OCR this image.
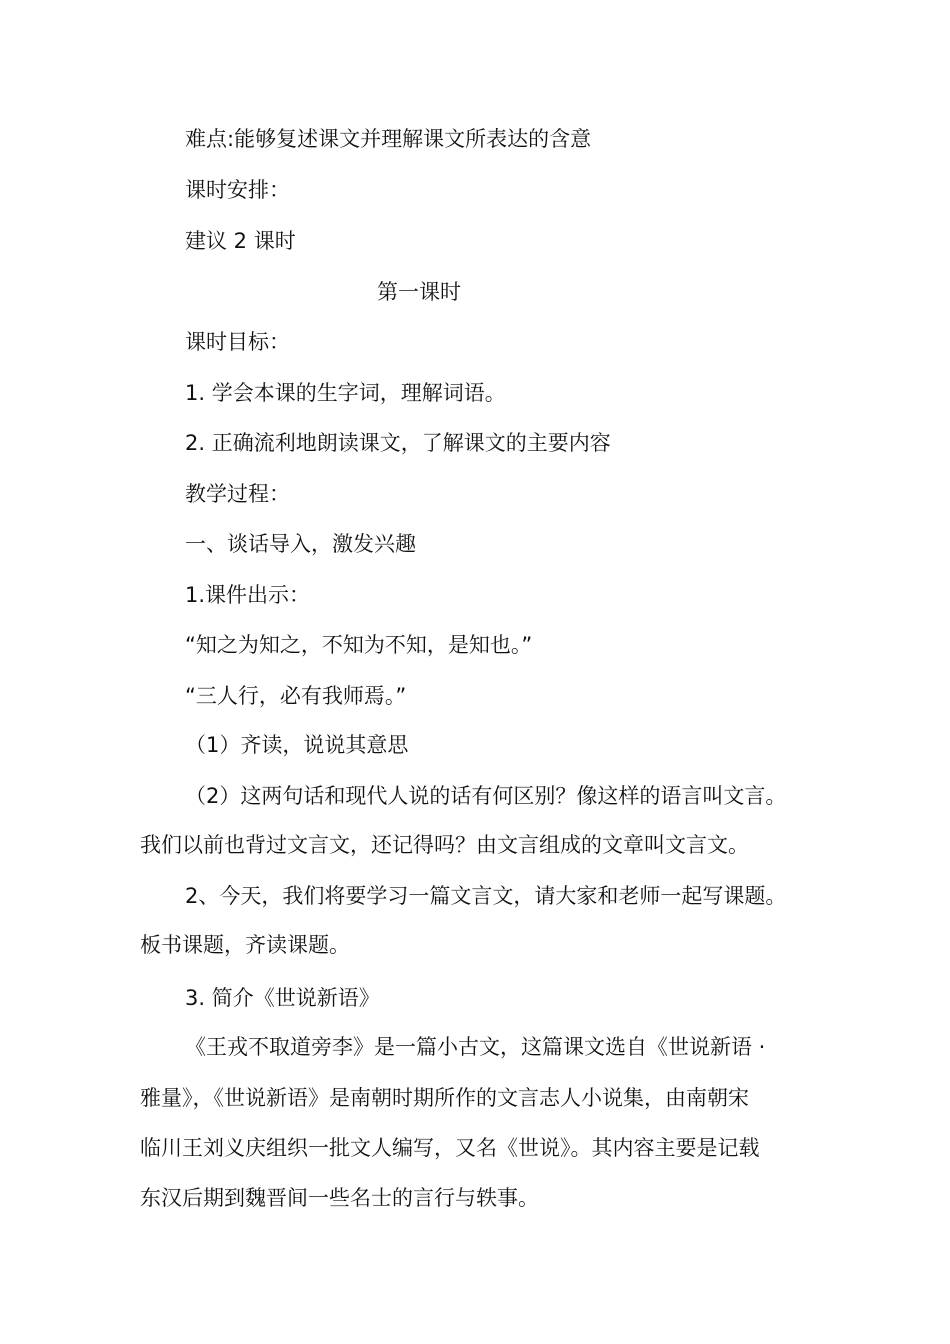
难点:能够复述课文并理解课文所表达的含意
课时安排：
建议 2 课时
第一课时
课时目标：
1. 学会本课的生字词，理解词语。
2. 正确流利地朗读课文，了解课文的主要内容
教学过程：
一、谈话导入，激发兴趣
1.课件出示：
“知之为知之，不知为不知，是知也。”
“三人行，必有我师焉。”
（1）齐读，说说其意思
（2）这两句话和现代人说的话有何区别？像这样的语言叫文言。
我们以前也背过文言文，还记得吗？由文言组成的文章叫文言文。
2、今天，我们将要学习一篇文言文，请大家和老师一起写课题。
板书课题，齐读课题。
3. 简介《世说新语》
《王戎不取道旁李》是一篇小古文，这篇课文选自《世说新语 ·
雅量》，《世说新语》是南朝时期所作的文言志人小说集，由南朝宋
临川王刘义庆组织一批文人编写，又名《世说》。其内容主要是记载
东汉后期到魏晋间一些名士的言行与轶事。
